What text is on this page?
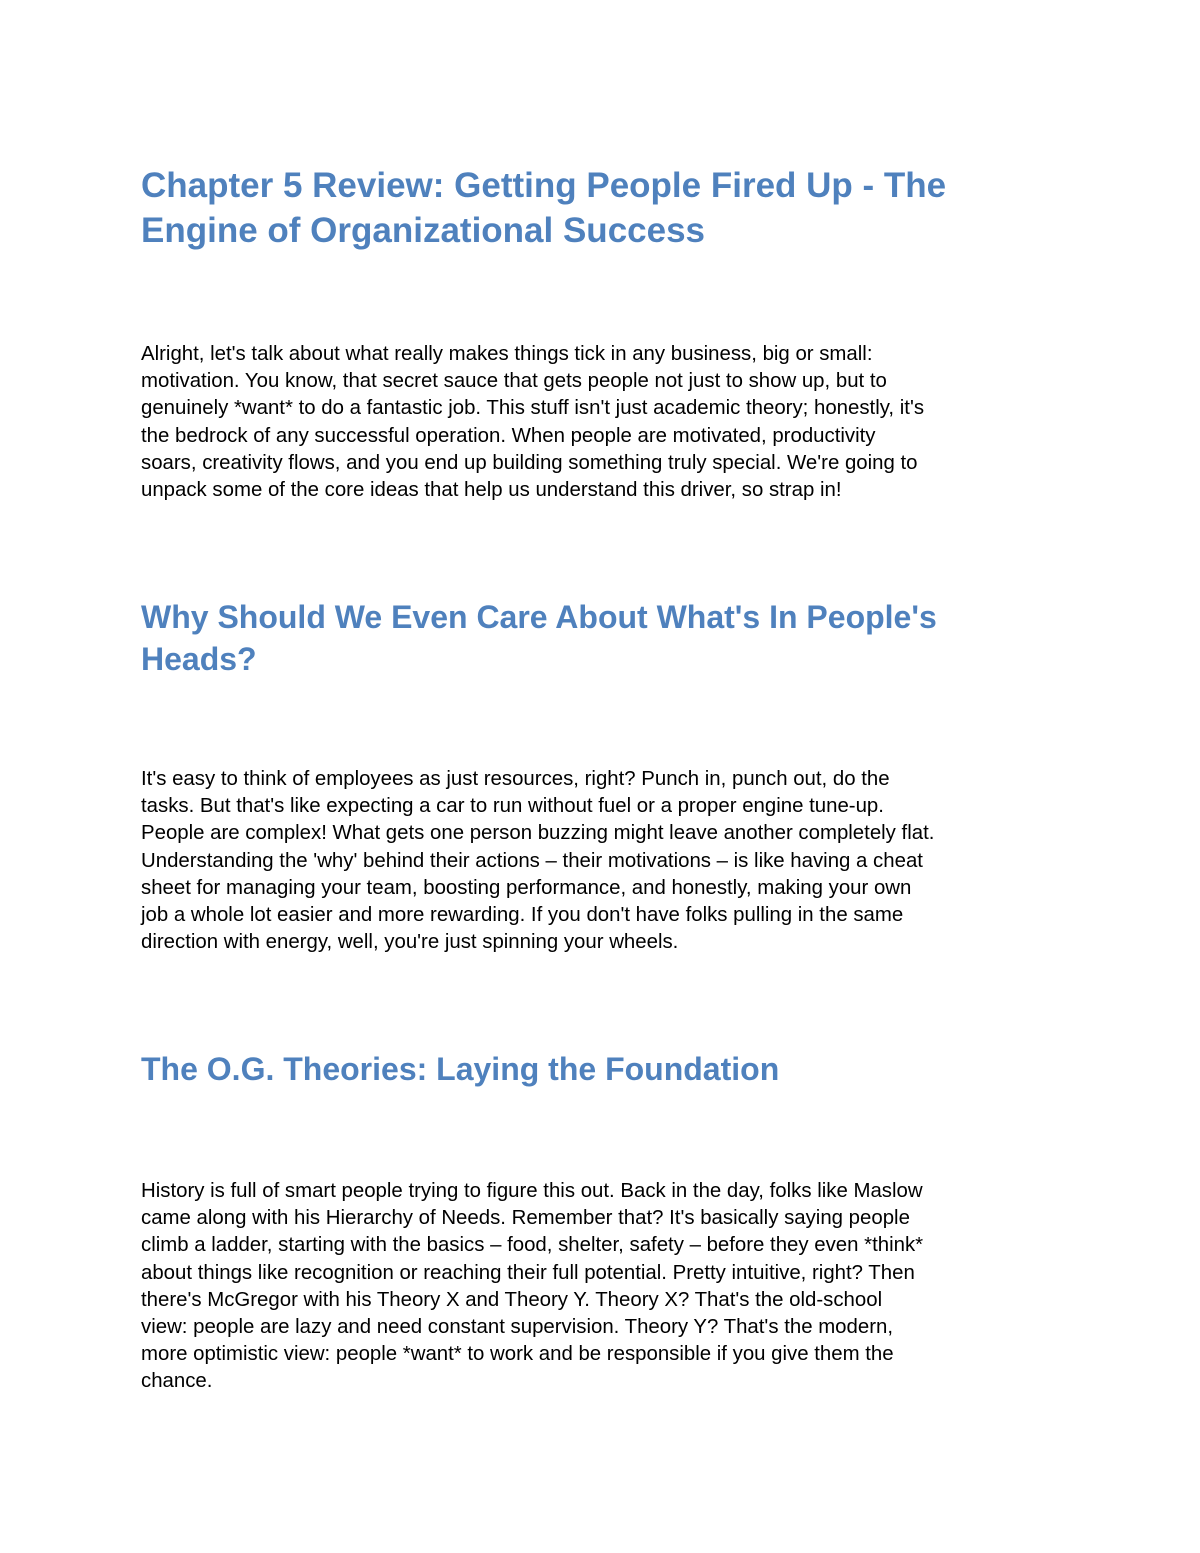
Chapter 5 Review: Getting People Fired Up - The
Engine of Organizational Success

Alright, let's talk about what really makes things tick in any business, big or small:
motivation. You know, that secret sauce that gets people not just to show up, but to
genuinely *want* to do a fantastic job. This stuff isn't just academic theory; honestly, it's
the bedrock of any successful operation. When people are motivated, productivity
soars, creativity flows, and you end up building something truly special. We're going to
unpack some of the core ideas that help us understand this driver, so strap in!

Why Should We Even Care About What's In People's
Heads?

It's easy to think of employees as just resources, right? Punch in, punch out, do the
tasks. But that's like expecting a car to run without fuel or a proper engine tune-up.
People are complex! What gets one person buzzing might leave another completely flat.
Understanding the 'why' behind their actions – their motivations – is like having a cheat
sheet for managing your team, boosting performance, and honestly, making your own
job a whole lot easier and more rewarding. If you don't have folks pulling in the same
direction with energy, well, you're just spinning your wheels.

The O.G. Theories: Laying the Foundation

History is full of smart people trying to figure this out. Back in the day, folks like Maslow
came along with his Hierarchy of Needs. Remember that? It's basically saying people
climb a ladder, starting with the basics – food, shelter, safety – before they even *think*
about things like recognition or reaching their full potential. Pretty intuitive, right? Then
there's McGregor with his Theory X and Theory Y. Theory X? That's the old-school
view: people are lazy and need constant supervision. Theory Y? That's the modern,
more optimistic view: people *want* to work and be responsible if you give them the
chance.
